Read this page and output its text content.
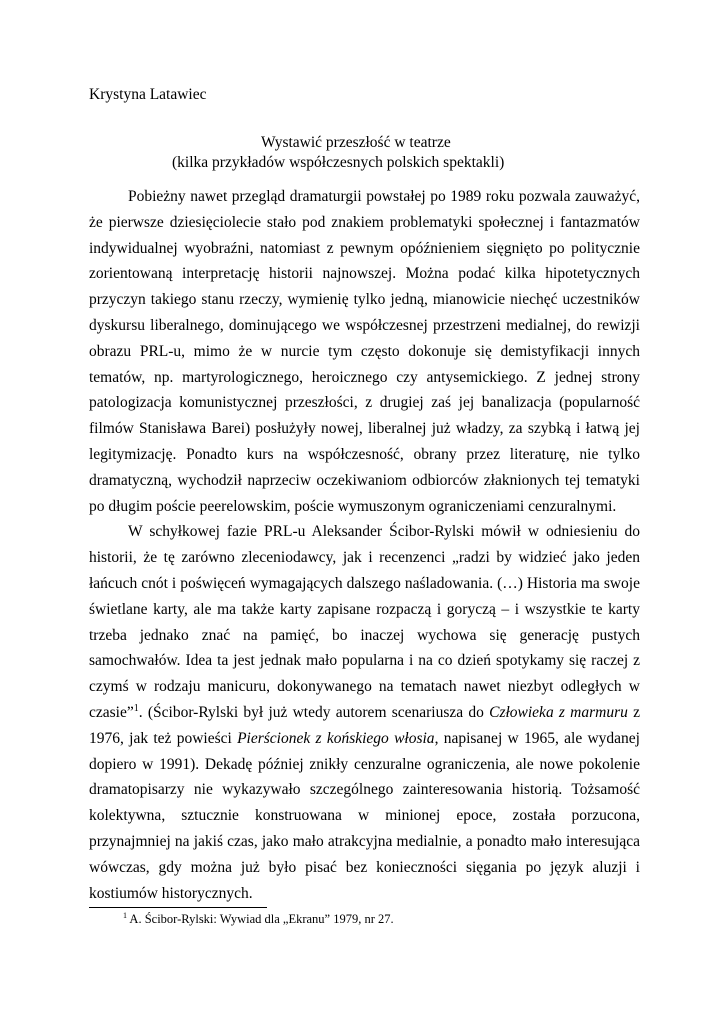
Krystyna Latawiec

Wystawić przeszłość w teatrze
(kilka przykładów współczesnych polskich spektakli)

Pobieżny nawet przegląd dramaturgii powstałej po 1989 roku pozwala zauważyć, że pierwsze dziesięciolecie stało pod znakiem problematyki społecznej i fantazmatów indywidualnej wyobraźni, natomiast z pewnym opóźnieniem sięgnięto po politycznie zorientowaną interpretację historii najnowszej. Można podać kilka hipotetycznych przyczyn takiego stanu rzeczy, wymienię tylko jedną, mianowicie niechęć uczestników dyskursu liberalnego, dominującego we współczesnej przestrzeni medialnej, do rewizji obrazu PRL-u, mimo że w nurcie tym często dokonuje się demistyfikacji innych tematów, np. martyrologicznego, heroicznego czy antysemickiego. Z jednej strony patologizacja komunistycznej przeszłości, z drugiej zaś jej banalizacja (popularność filmów Stanisława Barei) posłużyły nowej, liberalnej już władzy, za szybką i łatwą jej legitymizację. Ponadto kurs na współczesność, obrany przez literaturę, nie tylko dramatyczną, wychodził naprzeciw oczekiwaniom odbiorców złaknionych tej tematyki po długim poście peerelowskim, poście wymuszonym ograniczeniami cenzuralnymi.

W schyłkowej fazie PRL-u Aleksander Ścibor-Rylski mówił w odniesieniu do historii, że tę zarówno zleceniodawcy, jak i recenzenci „radzi by widzieć jako jeden łańcuch cnót i poświęceń wymagających dalszego naśladowania. (…) Historia ma swoje świetlane karty, ale ma także karty zapisane rozpaczą i goryczą – i wszystkie te karty trzeba jednako znać na pamięć, bo inaczej wychowa się generację pustych samochwałów. Idea ta jest jednak mało popularna i na co dzień spotykamy się raczej z czymś w rodzaju manicuru, dokonywanego na tematach nawet niezbyt odległych w czasie”$^1$. (Ścibor-Rylski był już wtedy autorem scenariusza do Człowieka z marmuru z 1976, jak też powieści Pierścionek z końskiego włosia, napisanej w 1965, ale wydanej dopiero w 1991). Dekadę później znikły cenzuralne ograniczenia, ale nowe pokolenie dramatopisarzy nie wykazywało szczególnego zainteresowania historią. Tożsamość kolektywna, sztucznie konstruowana w minionej epoce, została porzucona, przynajmniej na jakiś czas, jako mało atrakcyjna medialnie, a ponadto mało interesująca wówczas, gdy można już było pisać bez konieczności sięgania po język aluzji i kostiumów historycznych.

$^1$ A. Ścibor-Rylski: Wywiad dla „Ekranu” 1979, nr 27.
